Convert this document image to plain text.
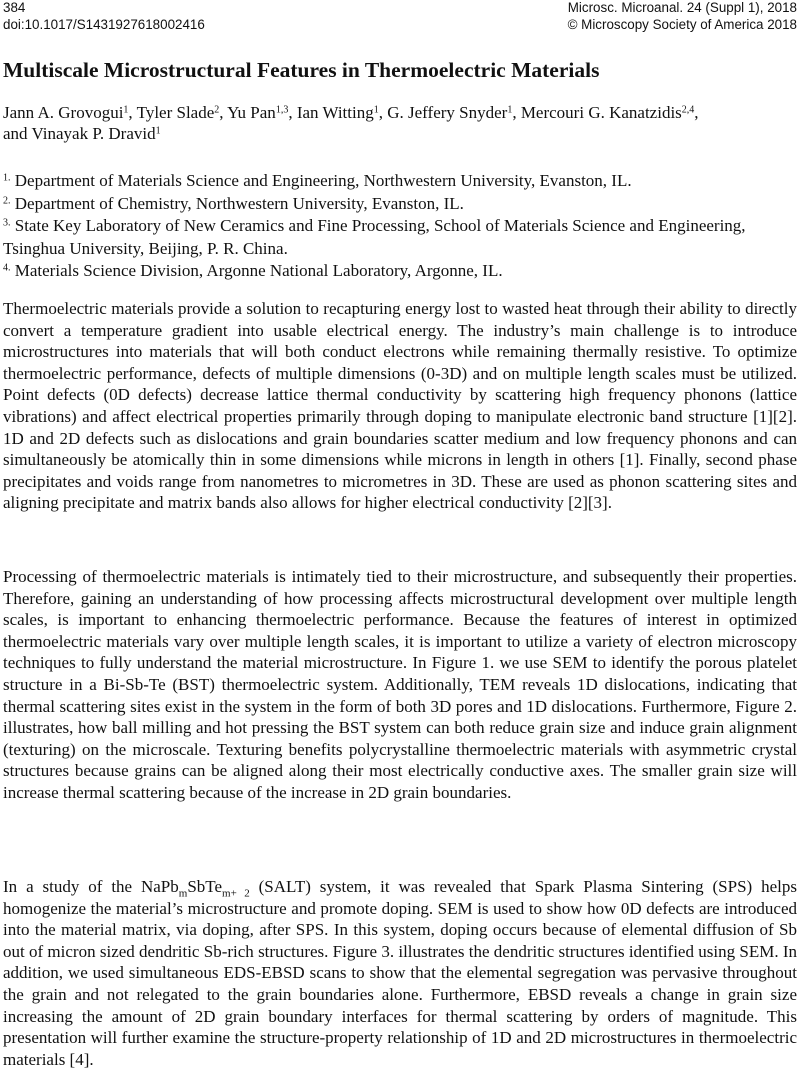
384	Microsc. Microanal. 24 (Suppl 1), 2018
doi:10.1017/S1431927618002416	© Microscopy Society of America 2018
Multiscale Microstructural Features in Thermoelectric Materials
Jann A. Grovogui$^1$, Tyler Slade$^2$, Yu Pan$^{1,3}$, Ian Witting$^1$, G. Jeffery Snyder$^1$, Mercouri G. Kanatzidis$^{2,4}$,
and Vinayak P. Dravid$^1$

$^{1.}$ Department of Materials Science and Engineering, Northwestern University, Evanston, IL.

$^{2.}$ Department of Chemistry, Northwestern University, Evanston, IL.

$^{3.}$ State Key Laboratory of New Ceramics and Fine Processing, School of Materials Science and Engineering, Tsinghua University, Beijing, P. R. China.

$^{4.}$ Materials Science Division, Argonne National Laboratory, Argonne, IL.

Thermoelectric materials provide a solution to recapturing energy lost to wasted heat through their ability to directly convert a temperature gradient into usable electrical energy. The industry’s main challenge is to introduce microstructures into materials that will both conduct electrons while remaining thermally resistive. To optimize thermoelectric performance, defects of multiple dimensions (0-3D) and on multiple length scales must be utilized. Point defects (0D defects) decrease lattice thermal conductivity by scattering high frequency phonons (lattice vibrations) and affect electrical properties primarily through doping to manipulate electronic band structure [1][2]. 1D and 2D defects such as dislocations and grain boundaries scatter medium and low frequency phonons and can simultaneously be atomically thin in some dimensions while microns in length in others [1]. Finally, second phase precipitates and voids range from nanometres to micrometres in 3D. These are used as phonon scattering sites and aligning precipitate and matrix bands also allows for higher electrical conductivity [2][3].

Processing of thermoelectric materials is intimately tied to their microstructure, and subsequently their properties. Therefore, gaining an understanding of how processing affects microstructural development over multiple length scales, is important to enhancing thermoelectric performance. Because the features of interest in optimized thermoelectric materials vary over multiple length scales, it is important to utilize a variety of electron microscopy techniques to fully understand the material microstructure. In Figure 1. we use SEM to identify the porous platelet structure in a Bi-Sb-Te (BST) thermoelectric system. Additionally, TEM reveals 1D dislocations, indicating that thermal scattering sites exist in the system in the form of both 3D pores and 1D dislocations. Furthermore, Figure 2. illustrates, how ball milling and hot pressing the BST system can both reduce grain size and induce grain alignment (texturing) on the microscale. Texturing benefits polycrystalline thermoelectric materials with asymmetric crystal structures because grains can be aligned along their most electrically conductive axes. The smaller grain size will increase thermal scattering because of the increase in 2D grain boundaries.

In a study of the NaPb$_m$SbTe$_{m+ 2}$ (SALT) system, it was revealed that Spark Plasma Sintering (SPS) helps homogenize the material’s microstructure and promote doping. SEM is used to show how 0D defects are introduced into the material matrix, via doping, after SPS. In this system, doping occurs because of elemental diffusion of Sb out of micron sized dendritic Sb-rich structures. Figure 3. illustrates the dendritic structures identified using SEM. In addition, we used simultaneous EDS-EBSD scans to show that the elemental segregation was pervasive throughout the grain and not relegated to the grain boundaries alone. Furthermore, EBSD reveals a change in grain size increasing the amount of 2D grain boundary interfaces for thermal scattering by orders of magnitude. This presentation will further examine the structure-property relationship of 1D and 2D microstructures in thermoelectric materials [4].
